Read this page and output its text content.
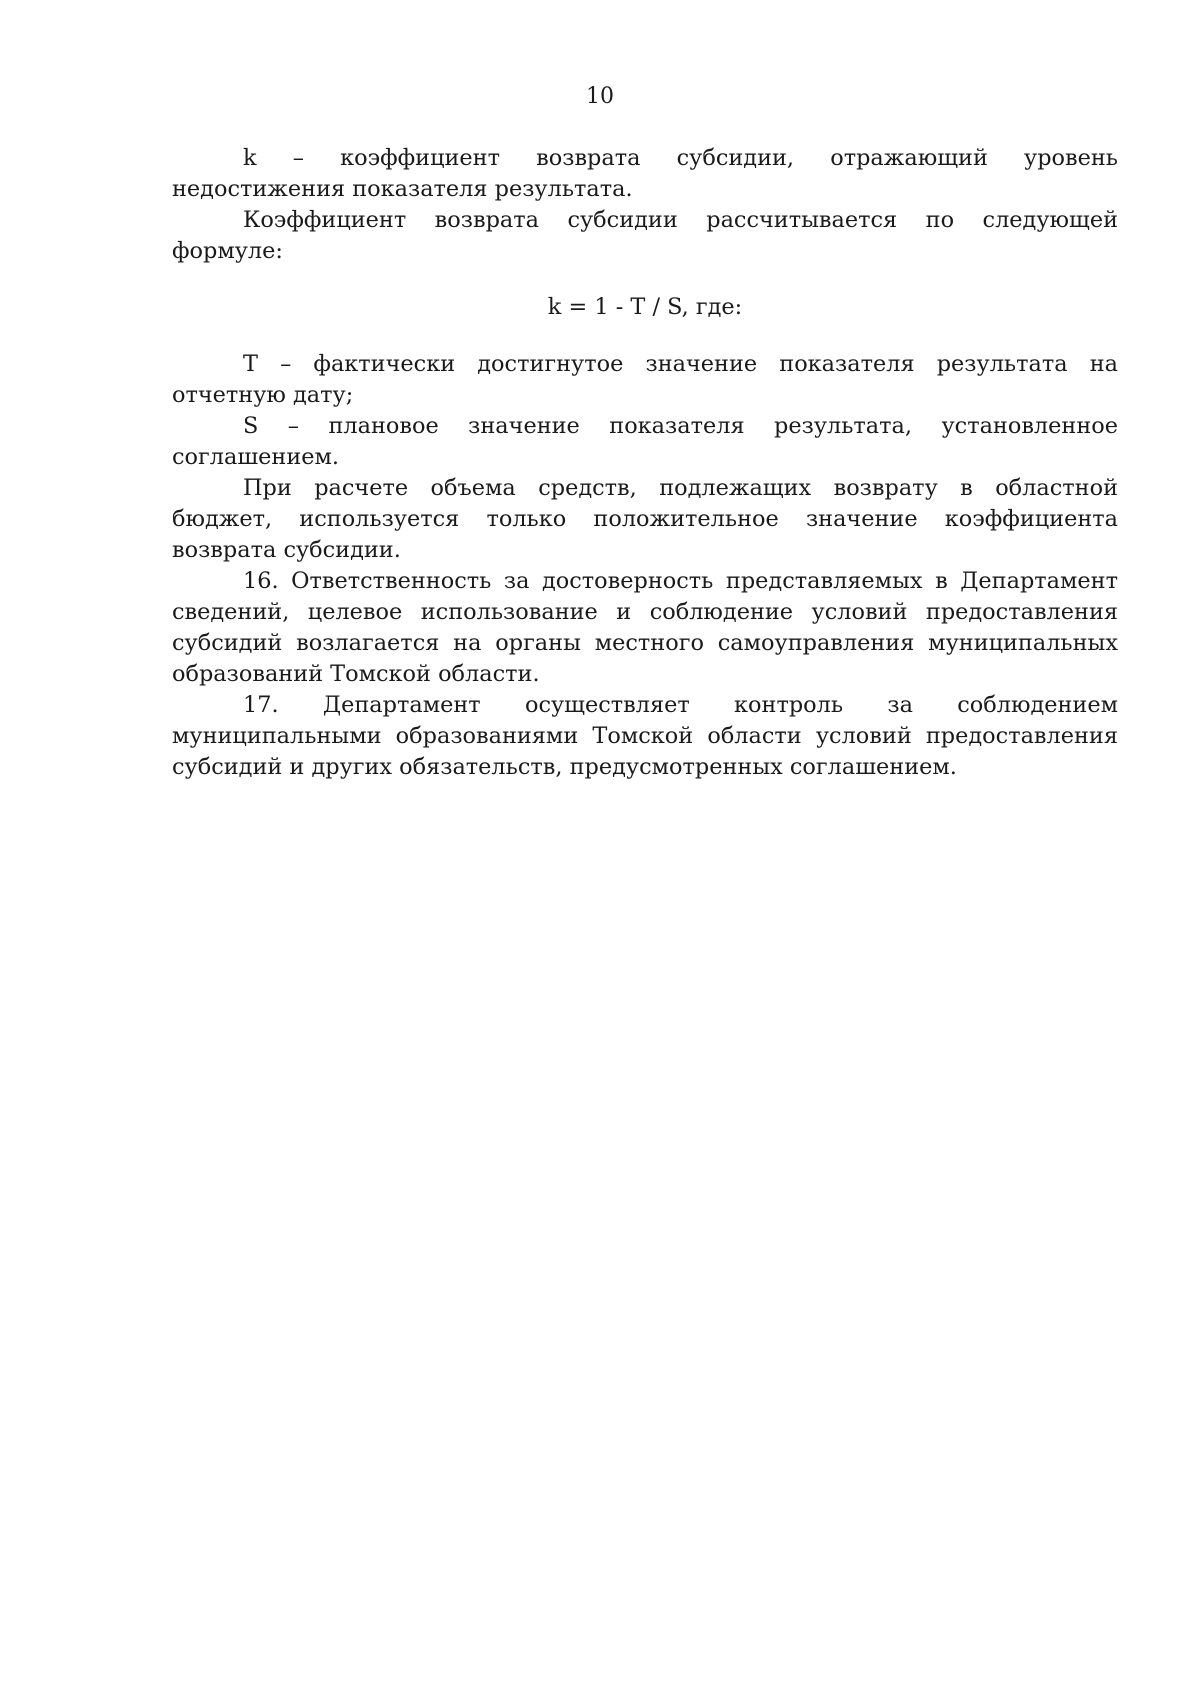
10

k – коэффициент возврата субсидии, отражающий уровень недостижения показателя результата.

Коэффициент возврата субсидии рассчитывается по следующей формуле:

k = 1 - T / S, где:

T – фактически достигнутое значение показателя результата на отчетную дату;

S – плановое значение показателя результата, установленное соглашением.

При расчете объема средств, подлежащих возврату в областной бюджет, используется только положительное значение коэффициента возврата субсидии.

16. Ответственность за достоверность представляемых в Департамент сведений, целевое использование и соблюдение условий предоставления субсидий возлагается на органы местного самоуправления муниципальных образований Томской области.

17. Департамент осуществляет контроль за соблюдением муниципальными образованиями Томской области условий предоставления субсидий и других обязательств, предусмотренных соглашением.
